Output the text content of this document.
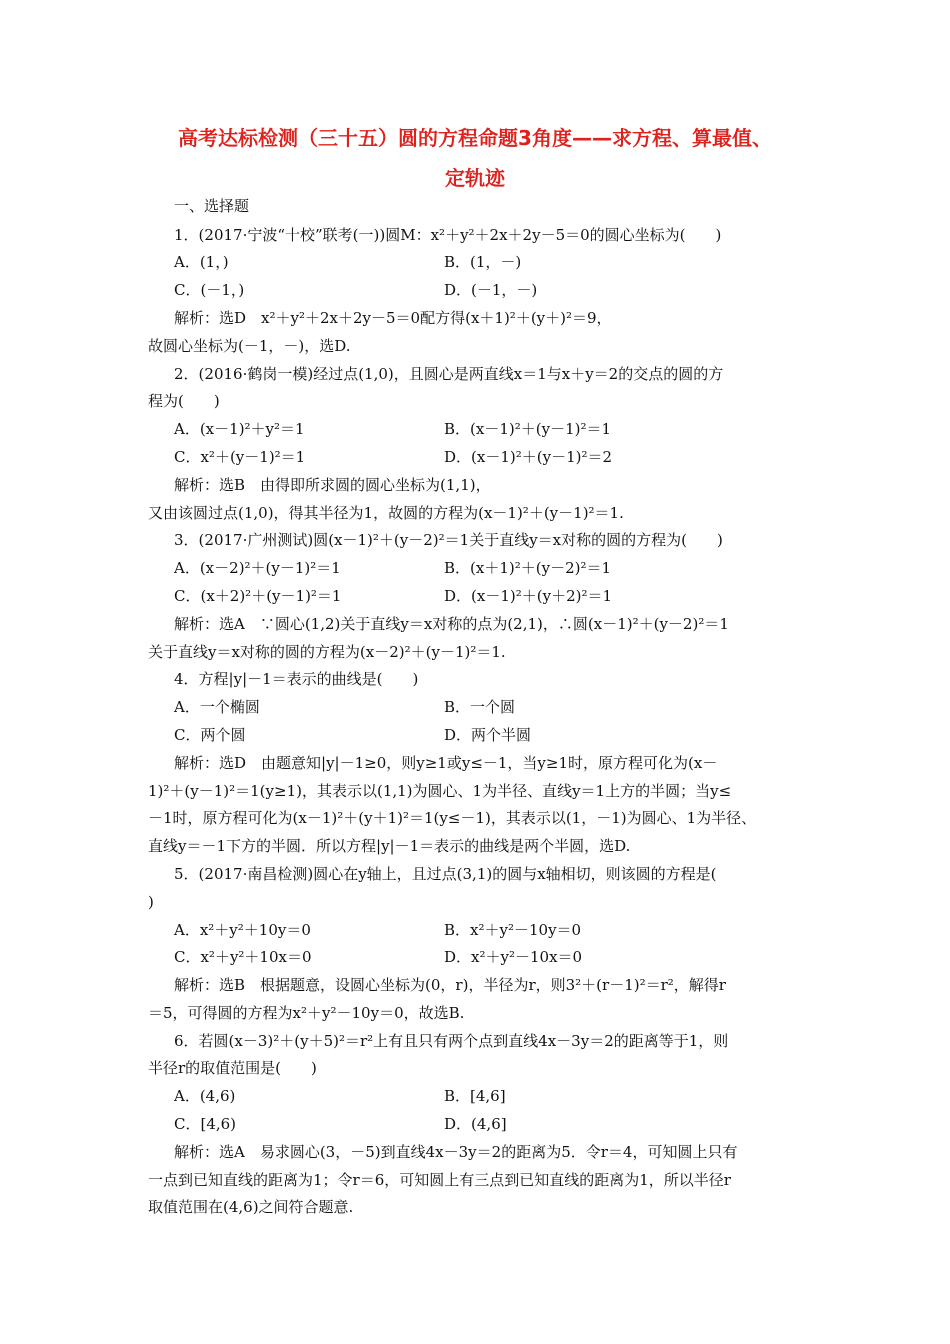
高考达标检测（三十五）圆的方程命题3角度——求方程、算最值、
定轨迹
一、选择题
1．(2017·宁波“十校”联考(一))圆M：x²＋y²＋2x＋2y－5＝0的圆心坐标为(　　)
A．(1，)	B．(1，－)
C．(－1，)	D．(－1，－)
解析：选D　x²＋y²＋2x＋2y－5＝0配方得(x＋1)²＋(y＋)²＝9，
故圆心坐标为(－1，－)，选D.
2．(2016·鹤岗一模)经过点(1,0)，且圆心是两直线x＝1与x＋y＝2的交点的圆的方
程为(　　)
A．(x－1)²＋y²＝1	B．(x－1)²＋(y－1)²＝1
C．x²＋(y－1)²＝1	D．(x－1)²＋(y－1)²＝2
解析：选B　由得即所求圆的圆心坐标为(1,1)，
又由该圆过点(1,0)，得其半径为1，故圆的方程为(x－1)²＋(y－1)²＝1.
3．(2017·广州测试)圆(x－1)²＋(y－2)²＝1关于直线y＝x对称的圆的方程为(　　)
A．(x－2)²＋(y－1)²＝1	B．(x＋1)²＋(y－2)²＝1
C．(x＋2)²＋(y－1)²＝1	D．(x－1)²＋(y＋2)²＝1
解析：选A　∵圆心(1,2)关于直线y＝x对称的点为(2,1)，∴圆(x－1)²＋(y－2)²＝1
关于直线y＝x对称的圆的方程为(x－2)²＋(y－1)²＝1.
4．方程|y|－1＝表示的曲线是(　　)
A．一个椭圆	B．一个圆
C．两个圆	D．两个半圆
解析：选D　由题意知|y|－1≥0，则y≥1或y≤－1，当y≥1时，原方程可化为(x－
1)²＋(y－1)²＝1(y≥1)，其表示以(1,1)为圆心、1为半径、直线y＝1上方的半圆；当y≤
－1时，原方程可化为(x－1)²＋(y＋1)²＝1(y≤－1)，其表示以(1，－1)为圆心、1为半径、
直线y＝－1下方的半圆．所以方程|y|－1＝表示的曲线是两个半圆，选D.
5．(2017·南昌检测)圆心在y轴上，且过点(3,1)的圆与x轴相切，则该圆的方程是(
)
A．x²＋y²＋10y＝0	B．x²＋y²－10y＝0
C．x²＋y²＋10x＝0	D．x²＋y²－10x＝0
解析：选B　根据题意，设圆心坐标为(0，r)，半径为r，则3²＋(r－1)²＝r²，解得r
＝5，可得圆的方程为x²＋y²－10y＝0，故选B.
6．若圆(x－3)²＋(y＋5)²＝r²上有且只有两个点到直线4x－3y＝2的距离等于1，则
半径r的取值范围是(　　)
A．(4,6)	B．[4,6]
C．[4,6)	D．(4,6]
解析：选A　易求圆心(3，－5)到直线4x－3y＝2的距离为5．令r＝4，可知圆上只有
一点到已知直线的距离为1；令r＝6，可知圆上有三点到已知直线的距离为1，所以半径r
取值范围在(4,6)之间符合题意.
